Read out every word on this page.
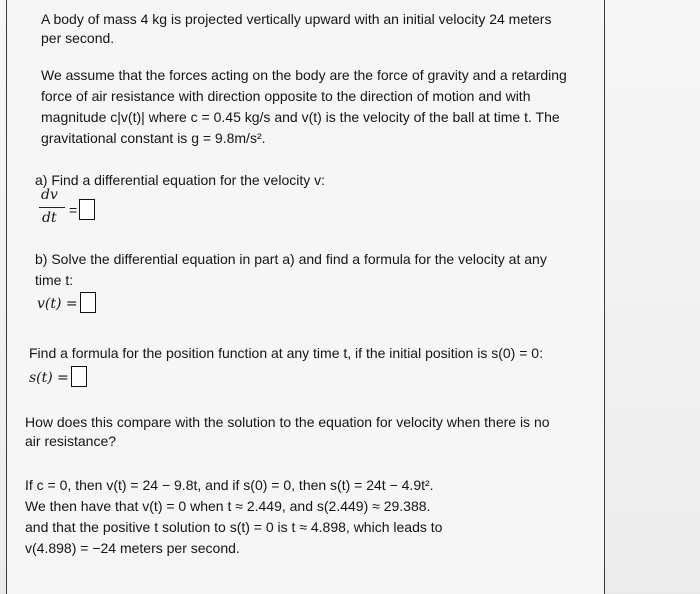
A body of mass 4 kg is projected vertically upward with an initial velocity 24 meters
per second.
We assume that the forces acting on the body are the force of gravity and a retarding
force of air resistance with direction opposite to the direction of motion and with
magnitude c|v(t)| where c = 0.45 kg/s and v(t) is the velocity of the ball at time t. The
gravitational constant is g = 9.8m/s².
a) Find a differential equation for the velocity v:
dv
dt =
b) Solve the differential equation in part a) and find a formula for the velocity at any
time t:
v(t) =
Find a formula for the position function at any time t, if the initial position is s(0) = 0:
s(t) =
How does this compare with the solution to the equation for velocity when there is no
air resistance?
If c = 0, then v(t) = 24 − 9.8t, and if s(0) = 0, then s(t) = 24t − 4.9t².
We then have that v(t) = 0 when t ≈ 2.449, and s(2.449) ≈ 29.388.
and that the positive t solution to s(t) = 0 is t ≈ 4.898, which leads to
v(4.898) = −24 meters per second.
